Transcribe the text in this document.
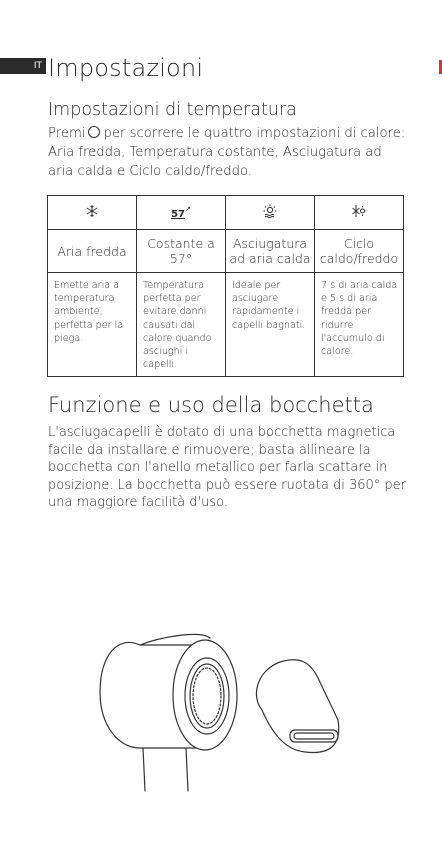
IT Impostazioni
Impostazioni di temperatura
Premi per scorrere le quattro impostazioni di calore: Aria fredda, Temperatura costante, Asciugatura ad aria calda e Ciclo caldo/freddo.
	57↗		
Aria fredda	Costante a 57°	Asciugatura ad aria calda	Ciclo caldo/freddo
Emette aria a temperatura ambiente, perfetta per la piega.	Temperatura perfetta per evitare danni causati dal calore quando asciughi i capelli.	Ideale per asciugare rapidamente i capelli bagnati.	7 s di aria calda e 5 s di aria fredda per ridurre l'accumulo di calore.
Funzione e uso della bocchetta
L'asciugacapelli è dotato di una bocchetta magnetica facile da installare e rimuovere; basta allineare la bocchetta con l'anello metallico per farla scattare in posizione. La bocchetta può essere ruotata di 360° per una maggiore facilità d'uso.
